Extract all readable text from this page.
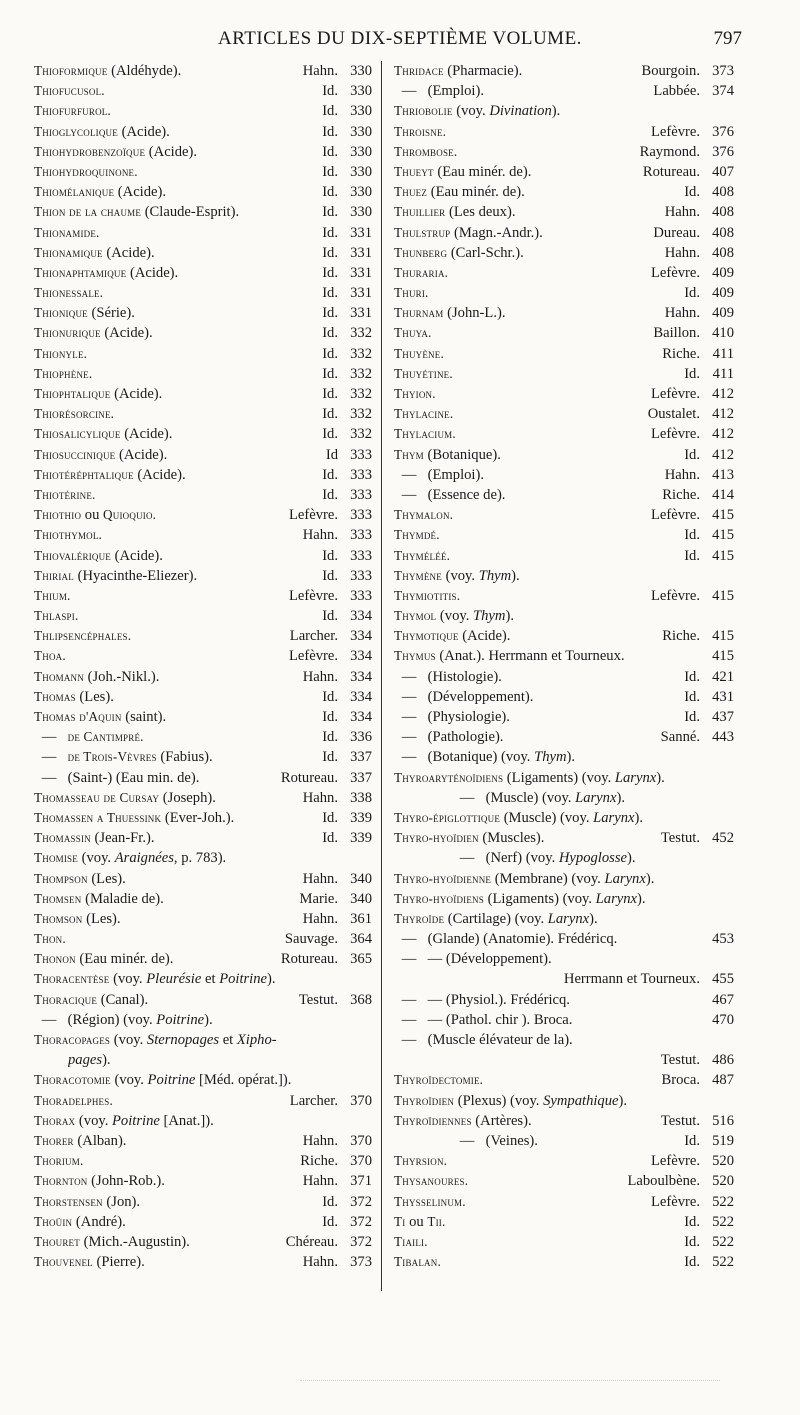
ARTICLES DU DIX-SEPTIÈME VOLUME.	797
Thioformique (Aldéhyde).	Hahn. 330
Thiofucusol.	Id. 330
Thiofurfurol.	Id. 330
Thioglycolique (Acide).	Id. 330
Thiohydrobenzoïque (Acide).	Id. 330
Thiohydroquinone.	Id. 330
Thiomélanique (Acide).	Id. 330
Thion de la chaume (Claude-Esprit).	Id. 330
Thionamide.	Id. 331
Thionamique (Acide).	Id. 331
Thionaphtamique (Acide).	Id. 331
Thionessale.	Id. 331
Thionique (Série).	Id. 331
Thionurique (Acide).	Id. 332
Thionyle.	Id. 332
Thiophène.	Id. 332
Thiophtalique (Acide).	Id. 332
Thiorésorcine.	Id. 332
Thiosalicylique (Acide).	Id. 332
Thiosuccinique (Acide).	Id 333
Thiotéréphtalique (Acide).	Id. 333
Thiotérine.	Id. 333
Thiothio ou Quioquio.	Lefèvre. 333
Thiothymol.	Hahn. 333
Thiovalérique (Acide).	Id. 333
Thirial (Hyacinthe-Eliezer).	Id. 333
Thium.	Lefèvre. 333
Thlaspi.	Id. 334
Thlipsencéphales.	Larcher. 334
Thoa.	Lefèvre. 334
Thomann (Joh.-Nikl.).	Hahn. 334
Thomas (Les).	Id. 334
Thomas d'Aquin (saint).	Id. 334
— de Cantimpré.	Id. 336
— de Trois-Vèvres (Fabius).	Id. 337
— (Saint-) (Eau min. de).	Rotureau. 337
Thomasseau de Cursay (Joseph).	Hahn. 338
Thomassen a Thuessink (Ever-Joh.).	Id. 339
Thomassin (Jean-Fr.).	Id. 339
Thomise (voy. Araignées, p. 783).
Thompson (Les).	Hahn. 340
Thomsen (Maladie de).	Marie. 340
Thomson (Les).	Hahn. 361
Thon.	Sauvage. 364
Thonon (Eau minér. de).	Rotureau. 365
Thoracentèse (voy. Pleurésie et Poitrine).
Thoracique (Canal).	Testut. 368
— (Région) (voy. Poitrine).
Thoracopages (voy. Sternopages et Xipho-
pages).
Thoracotomie (voy. Poitrine [Méd. opérat.]).
Thoradelphes.	Larcher. 370
Thorax (voy. Poitrine [Anat.]).
Thorer (Alban).	Hahn. 370
Thorium.	Riche. 370
Thornton (John-Rob.).	Hahn. 371
Thorstensen (Jon).	Id. 372
Thoüin (André).	Id. 372
Thouret (Mich.-Augustin).	Chéreau. 372
Thouvenel (Pierre).	Hahn. 373
Thridace (Pharmacie).	Bourgoin. 373
— (Emploi).	Labbée. 374
Thriobolie (voy. Divination).
Throisne.	Lefèvre. 376
Thrombose.	Raymond. 376
Thueyt (Eau minér. de).	Rotureau. 407
Thuez (Eau minér. de).	Id. 408
Thuillier (Les deux).	Hahn. 408
Thulstrup (Magn.-Andr.).	Dureau. 408
Thunberg (Carl-Schr.).	Hahn. 408
Thuraria.	Lefèvre. 409
Thuri.	Id. 409
Thurnam (John-L.).	Hahn. 409
Thuya.	Baillon. 410
Thuyène.	Riche. 411
Thuyétine.	Id. 411
Thyion.	Lefèvre. 412
Thylacine.	Oustalet. 412
Thylacium.	Lefèvre. 412
Thym (Botanique).	Id. 412
— (Emploi).	Hahn. 413
— (Essence de).	Riche. 414
Thymalon.	Lefèvre. 415
Thymdé.	Id. 415
Thyméléé.	Id. 415
Thymène (voy. Thym).
Thymiotitis.	Lefèvre. 415
Thymol (voy. Thym).
Thymotique (Acide).	Riche. 415
Thymus (Anat.). Herrmann et Tourneux.	415
— (Histologie).	Id. 421
— (Développement).	Id. 431
— (Physiologie).	Id. 437
— (Pathologie).	Sanné. 443
— (Botanique) (voy. Thym).
Thyroaryténoïdiens (Ligaments) (voy. Larynx).
— (Muscle) (voy. Larynx).
Thyro-épiglottique (Muscle) (voy. Larynx).
Thyro-hyoïdien (Muscles).	Testut. 452
— (Nerf) (voy. Hypoglosse).
Thyro-hyoïdienne (Membrane) (voy. Larynx).
Thyro-hyoïdiens (Ligaments) (voy. Larynx).
Thyroïde (Cartilage) (voy. Larynx).
— (Glande) (Anatomie). Frédéricq.	453
— — (Développement).
Herrmann et Tourneux. 455
— — (Physiol.). Frédéricq.	467
— — (Pathol. chir ). Broca.	470
— (Muscle élévateur de la).
Testut. 486
Thyroïdectomie.	Broca. 487
Thyroïdien (Plexus) (voy. Sympathique).
Thyroïdiennes (Artères).	Testut. 516
— (Veines).	Id. 519
Thyrsion.	Lefèvre. 520
Thysanoures.	Laboulbène. 520
Thysselinum.	Lefèvre. 522
Ti ou Tii.	Id. 522
Tiaili.	Id. 522
Tibalan.	Id. 522
